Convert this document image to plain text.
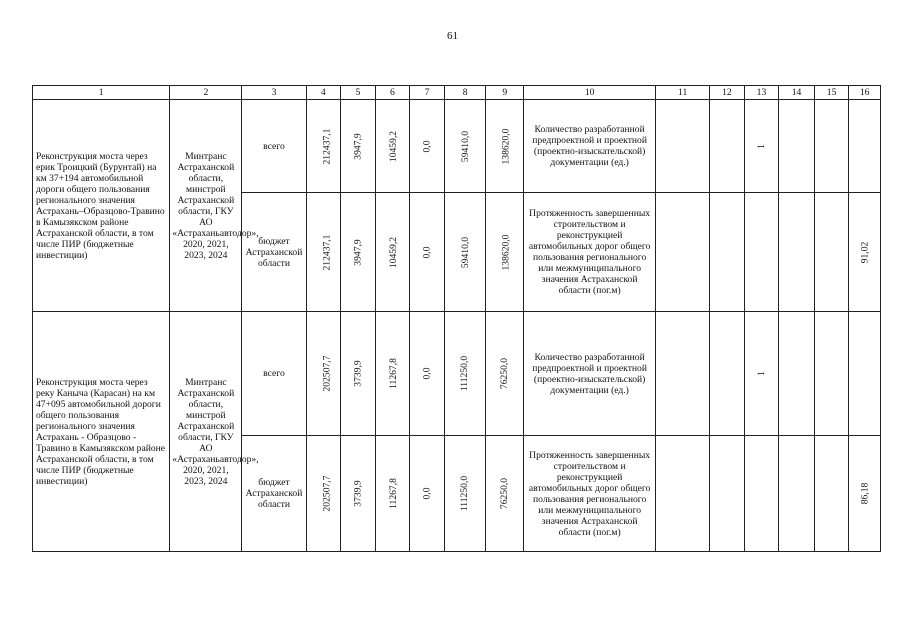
61
1	2	3	4	5	6	7	8	9	10	11	12	13	14	15	16
Реконструкция моста через ерик Троицкий (Бурунтай) на км 37+194 автомобильной дороги общего пользования регионального значения Астрахань–Образцово-Травино в Камызякском районе Астраханской области, в том числе ПИР (бюджетные инвестиции)	Минтранс Астраханской области, минстрой Астраханской области, ГКУ АО «Астраханьавтодор», 2020, 2021, 2023, 2024	всего	212437,1	3947,9	10459,2	0,0	59410,0	138620,0	Количество разработанной предпроектной и проектной (проектно-изыскательской) документации (ед.)			1			
		бюджет Астраханской области	212437,1	3947,9	10459,2	0,0	59410,0	138620,0	Протяженность завершенных строительством и реконструкцией автомобильных дорог общего пользования регионального или межмуниципального значения Астраханской области (пог.м)						91,02
Реконструкция моста через реку Каныча (Карасан) на км 47+095 автомобильной дороги общего пользования регионального значения Астрахань - Образцово - Травино в Камызякском районе Астраханской области, в том числе ПИР (бюджетные инвестиции)	Минтранс Астраханской области, минстрой Астраханской области, ГКУ АО «Астраханьавтодор», 2020, 2021, 2023, 2024	всего	202507,7	3739,9	11267,8	0,0	111250,0	76250,0	Количество разработанной предпроектной и проектной (проектно-изыскательской) документации (ед.)			1			
		бюджет Астраханской области	202507,7	3739,9	11267,8	0,0	111250,0	76250,0	Протяженность завершенных строительством и реконструкцией автомобильных дорог общего пользования регионального или межмуниципального значения Астраханской области (пог.м)						86,18
